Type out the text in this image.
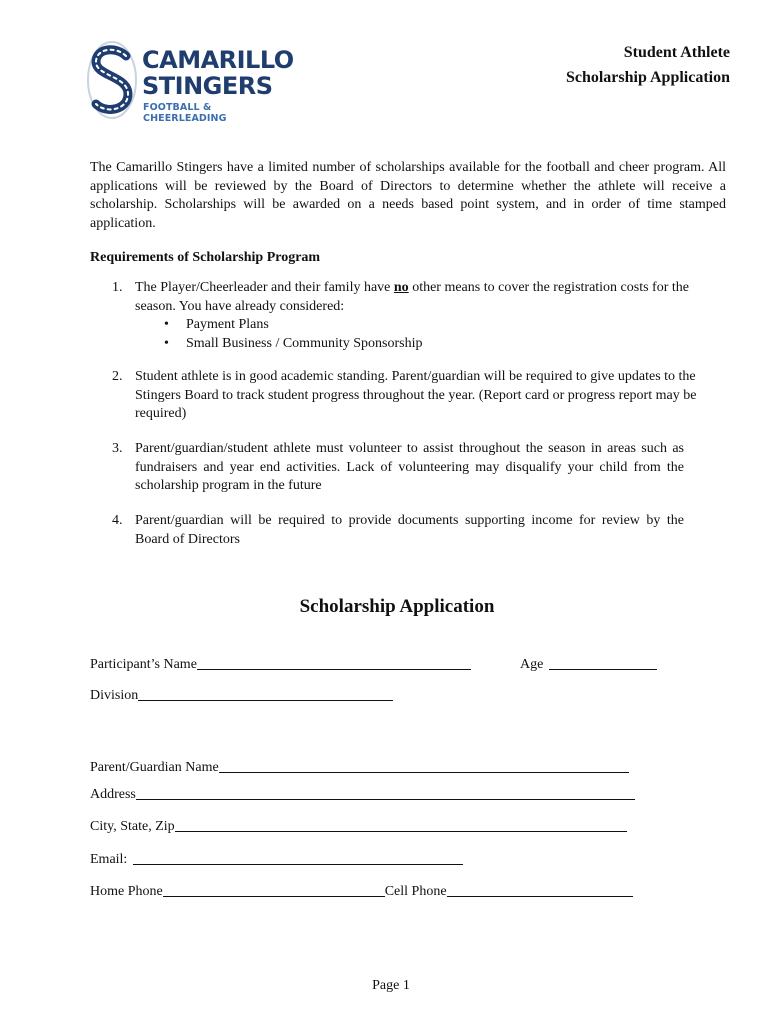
CAMARILLO
STINGERS
FOOTBALL & CHEERLEADING
Student Athlete
Scholarship Application
The Camarillo Stingers have a limited number of scholarships available for the football and cheer program. All applications will be reviewed by the Board of Directors to determine whether the athlete will receive a scholarship. Scholarships will be awarded on a needs based point system, and in order of time stamped application.
Requirements of Scholarship Program
1. The Player/Cheerleader and their family have no other means to cover the registration costs for the season. You have already considered:
• Payment Plans
• Small Business / Community Sponsorship
2. Student athlete is in good academic standing. Parent/guardian will be required to give updates to the Stingers Board to track student progress throughout the year. (Report card or progress report may be required)
3. Parent/guardian/student athlete must volunteer to assist throughout the season in areas such as fundraisers and year end activities. Lack of volunteering may disqualify your child from the scholarship program in the future
4. Parent/guardian will be required to provide documents supporting income for review by the Board of Directors
Scholarship Application
Participant’s Name	Age
Division
Parent/Guardian Name
Address
City, State, Zip
Email:
Home Phone	Cell Phone
Page 1
